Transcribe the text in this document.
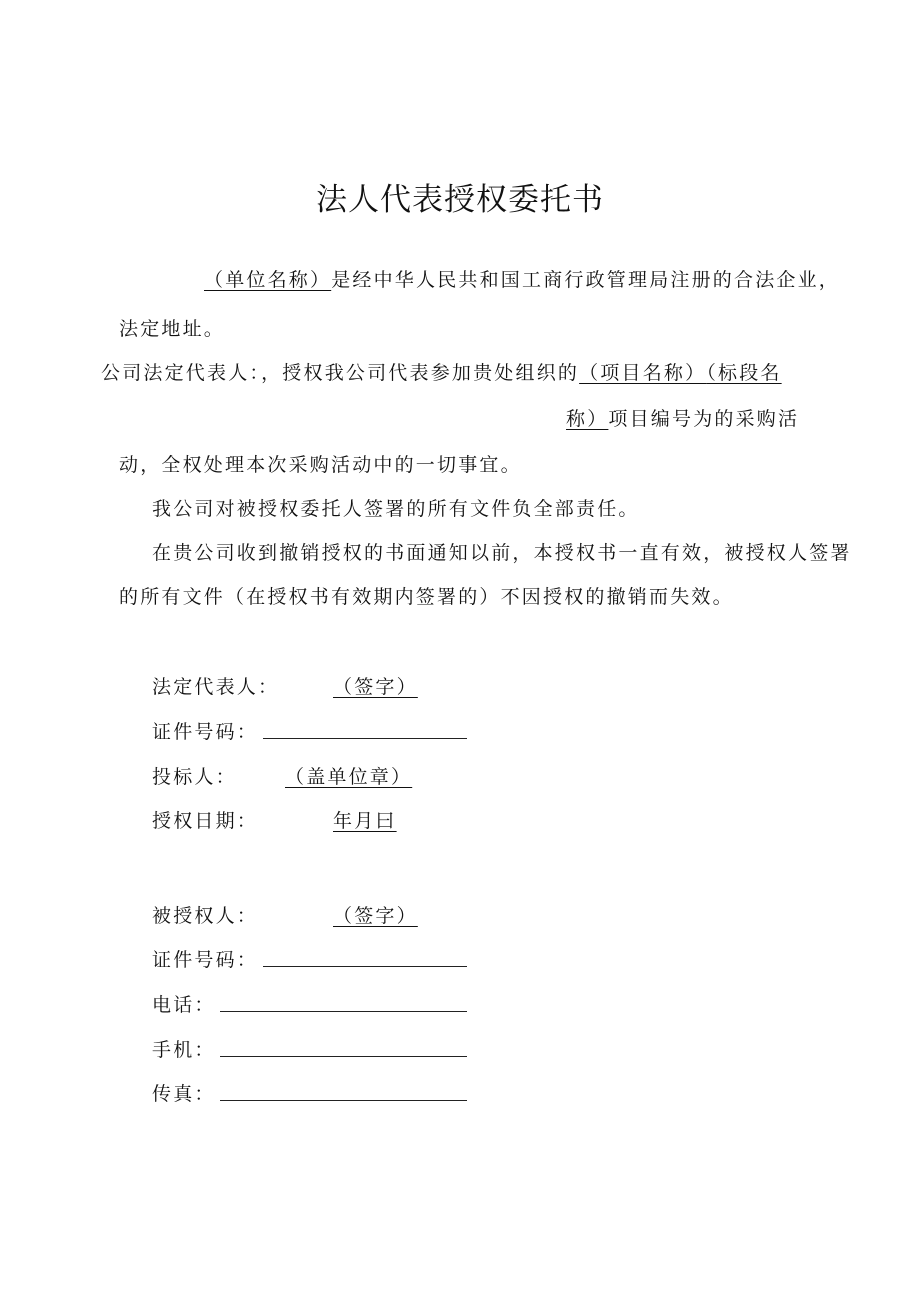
法人代表授权委托书
（单位名称）是经中华人民共和国工商行政管理局注册的合法企业，
法定地址。
公司法定代表人：，授权我公司代表参加贵处组织的（项目名称）（标段名
称）项目编号为的采购活
动，全权处理本次采购活动中的一切事宜。
我公司对被授权委托人签署的所有文件负全部责任。
在贵公司收到撤销授权的书面通知以前，本授权书一直有效，被授权人签署
的所有文件（在授权书有效期内签署的）不因授权的撤销而失效。
法定代表人：	（签字）
证件号码：
投标人：	（盖单位章）
授权日期：	年月曰
被授权人：	（签字）
证件号码：
电话：
手机：
传真：
